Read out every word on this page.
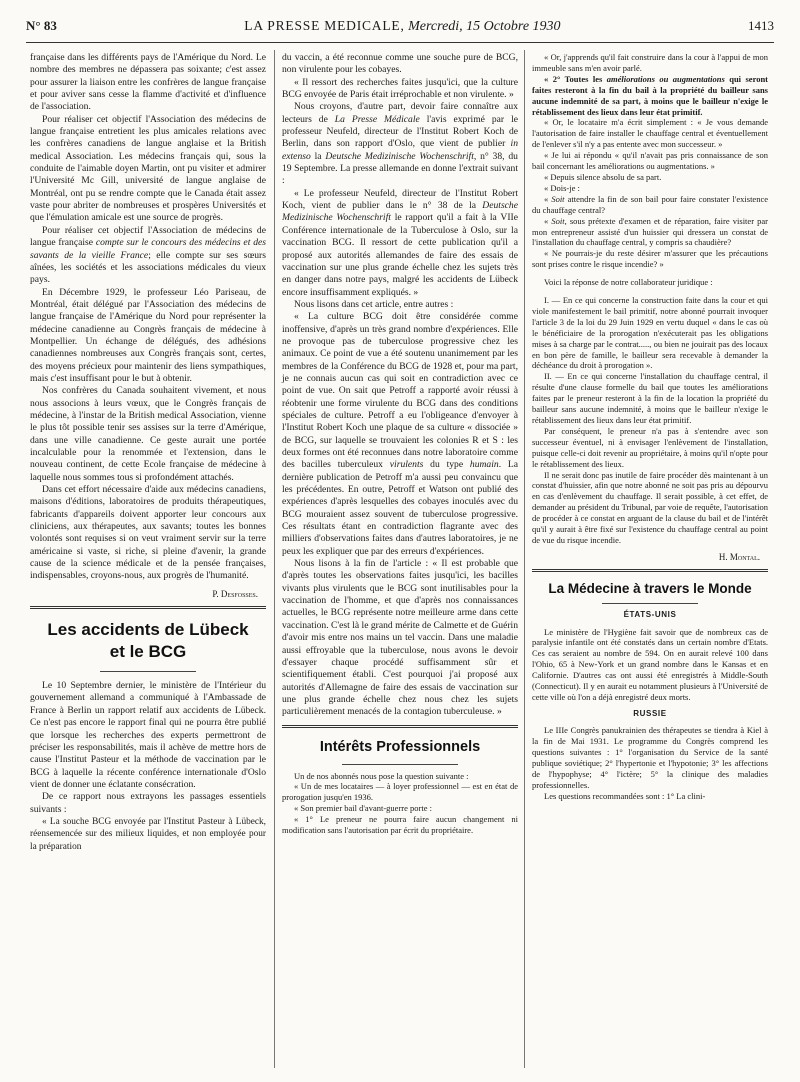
N° 83	LA PRESSE MEDICALE, Mercredi, 15 Octobre 1930	1413

française dans les différents pays de l'Amérique du Nord. Le nombre des membres ne dépassera pas soixante; c'est assez pour assurer la liaison entre les confrères de langue française et pour aviver sans cesse la flamme d'activité et d'influence de l'association.

Pour réaliser cet objectif l'Association des médecins de langue française entretient les plus amicales relations avec les confrères canadiens de langue anglaise et la British medical Association. Les médecins français qui, sous la conduite de l'aimable doyen Martin, ont pu visiter et admirer l'Université Mc Gill, université de langue anglaise de Montréal, ont pu se rendre compte que le Canada était assez vaste pour abriter de nombreuses et prospères Universités et que l'émulation amicale est une source de progrès.

Pour réaliser cet objectif l'Association de médecins de langue française compte sur le concours des médecins et des savants de la vieille France; elle compte sur ses sœurs aînées, les sociétés et les associations médicales du vieux pays.

En Décembre 1929, le professeur Léo Pariseau, de Montréal, était délégué par l'Association des médecins de langue française de l'Amérique du Nord pour représenter la médecine canadienne au Congrès français de médecine à Montpellier. Un échange de délégués, des adhésions canadiennes nombreuses aux Congrès français sont, certes, des moyens précieux pour maintenir des liens sympathiques, mais c'est insuffisant pour le but à obtenir.

Nos confrères du Canada souhaitent vivement, et nous nous associons à leurs vœux, que le Congrès français de médecine, à l'instar de la British medical Association, vienne le plus tôt possible tenir ses assises sur la terre d'Amérique, dans une ville canadienne. Ce geste aurait une portée incalculable pour la renommée et l'extension, dans le nouveau continent, de cette Ecole française de médecine à laquelle nous sommes tous si profondément attachés.

Dans cet effort nécessaire d'aide aux médecins canadiens, maisons d'éditions, laboratoires de produits thérapeutiques, fabricants d'appareils doivent apporter leur concours aux cliniciens, aux thérapeutes, aux savants; toutes les bonnes volontés sont requises si on veut vraiment servir sur la terre américaine si vaste, si riche, si pleine d'avenir, la grande cause de la science médicale et de la pensée françaises, indispensables, croyons-nous, aux progrès de l'humanité.

P. Desfosses.
Les accidents de Lübeck
et le BCG

Le 10 Septembre dernier, le ministère de l'Intérieur du gouvernement allemand a communiqué à l'Ambassade de France à Berlin un rapport relatif aux accidents de Lübeck. Ce n'est pas encore le rapport final qui ne pourra être publié que lorsque les recherches des experts permettront de préciser les responsabilités, mais il achève de mettre hors de cause l'Institut Pasteur et la méthode de vaccination par le BCG à laquelle la récente conférence internationale d'Oslo vient de donner une éclatante consécration.

De ce rapport nous extrayons les passages essentiels suivants :

« La souche BCG envoyée par l'Institut Pasteur à Lübeck, réensemencée sur des milieux liquides, et non employée pour la préparation

du vaccin, a été reconnue comme une souche pure de BCG, non virulente pour les cobayes.

« Il ressort des recherches faites jusqu'ici, que la culture BCG envoyée de Paris était irréprochable et non virulente. »

Nous croyons, d'autre part, devoir faire connaître aux lecteurs de La Presse Médicale l'avis exprimé par le professeur Neufeld, directeur de l'Institut Robert Koch de Berlin, dans son rapport d'Oslo, que vient de publier in extenso la Deutsche Medizinische Wochenschrift, n° 38, du 19 Septembre. La presse allemande en donne l'extrait suivant :

« Le professeur Neufeld, directeur de l'Institut Robert Koch, vient de publier dans le n° 38 de la Deutsche Medizinische Wochenschrift le rapport qu'il a fait à la VIIe Conférence internationale de la Tuberculose à Oslo, sur la vaccination BCG. Il ressort de cette publication qu'il a proposé aux autorités allemandes de faire des essais de vaccination sur une plus grande échelle chez les sujets très en danger dans notre pays, malgré les accidents de Lübeck encore insuffisamment expliqués. »

Nous lisons dans cet article, entre autres :

« La culture BCG doit être considérée comme inoffensive, d'après un très grand nombre d'expériences. Elle ne provoque pas de tuberculose progressive chez les animaux. Ce point de vue a été soutenu unanimement par les membres de la Conférence du BCG de 1928 et, pour ma part, je ne connais aucun cas qui soit en contradiction avec ce point de vue. On sait que Petroff a rapporté avoir réussi à réobtenir une forme virulente du BCG dans des conditions spéciales de culture. Petroff a eu l'obligeance d'envoyer à l'Institut Robert Koch une plaque de sa culture « dissociée » de BCG, sur laquelle se trouvaient les colonies R et S : les deux formes ont été reconnues dans notre laboratoire comme des bacilles tuberculeux virulents du type humain. La dernière publication de Petroff m'a aussi peu convaincu que les précédentes. En outre, Petroff et Watson ont publié des expériences d'après lesquelles des cobayes inoculés avec du BCG mouraient assez souvent de tuberculose progressive. Ces résultats étant en contradiction flagrante avec des milliers d'observations faites dans d'autres laboratoires, je ne peux les expliquer que par des erreurs d'expériences.

Nous lisons à la fin de l'article : « Il est probable que d'après toutes les observations faites jusqu'ici, les bacilles vivants plus virulents que le BCG sont inutilisables pour la vaccination de l'homme, et que d'après nos connaissances actuelles, le BCG représente notre meilleure arme dans cette vaccination. C'est là le grand mérite de Calmette et de Guérin d'avoir mis entre nos mains un tel vaccin. Dans une maladie aussi effroyable que la tuberculose, nous avons le devoir d'essayer chaque procédé suffisamment sûr et scientifiquement établi. C'est pourquoi j'ai proposé aux autorités d'Allemagne de faire des essais de vaccination sur une plus grande échelle chez nous chez les sujets particulièrement menacés de la contagion tuberculeuse. »

Intérêts Professionnels

Un de nos abonnés nous pose la question suivante :

« Un de mes locataires — à loyer professionnel — est en état de prorogation jusqu'en 1936.

« Son premier bail d'avant-guerre porte :

« 1° Le preneur ne pourra faire aucun changement ni modification sans l'autorisation par écrit du propriétaire.

« Or, j'apprends qu'il fait construire dans la cour à l'appui de mon immeuble sans m'en avoir parlé.

« 2° Toutes les améliorations ou augmentations qui seront faites resteront à la fin du bail à la propriété du bailleur sans aucune indemnité de sa part, à moins que le bailleur n'exige le rétablissement des lieux dans leur état primitif.

« Or, le locataire m'a écrit simplement : « Je vous demande l'autorisation de faire installer le chauffage central et éventuellement de l'enlever s'il n'y a pas entente avec mon successeur. »

« Je lui ai répondu « qu'il n'avait pas pris connaissance de son bail concernant les améliorations ou augmentations. »

« Depuis silence absolu de sa part.

« Dois-je :

« Soit attendre la fin de son bail pour faire constater l'existence du chauffage central?

« Soit, sous prétexte d'examen et de réparation, faire visiter par mon entrepreneur assisté d'un huissier qui dressera un constat de l'installation du chauffage central, y compris sa chaudière?

« Ne pourrais-je du reste désirer m'assurer que les précautions sont prises contre le risque incendie? »

Voici la réponse de notre collaborateur juridique :

I. — En ce qui concerne la construction faite dans la cour et qui viole manifestement le bail primitif, notre abonné pourrait invoquer l'article 3 de la loi du 29 Juin 1929 en vertu duquel « dans le cas où le bénéficiaire de la prorogation n'exécuterait pas les obligations mises à sa charge par le contrat....., ou bien ne jouirait pas des locaux en bon père de famille, le bailleur sera recevable à demander la déchéance du droit à prorogation ».

II. — En ce qui concerne l'installation du chauffage central, il résulte d'une clause formelle du bail que toutes les améliorations faites par le preneur resteront à la fin de la location la propriété du bailleur sans aucune indemnité, à moins que le bailleur n'exige le rétablissement des lieux dans leur état primitif.

Par conséquent, le preneur n'a pas à s'entendre avec son successeur éventuel, ni à envisager l'enlèvement de l'installation, puisque celle-ci doit revenir au propriétaire, à moins qu'il n'opte pour le rétablissement des lieux.

Il ne serait donc pas inutile de faire procéder dès maintenant à un constat d'huissier, afin que notre abonné ne soit pas pris au dépourvu en cas d'enlèvement du chauffage. Il serait possible, à cet effet, de demander au président du Tribunal, par voie de requête, l'autorisation de procéder à ce constat en arguant de la clause du bail et de l'intérêt qu'il y aurait à être fixé sur l'existence du chauffage central au point de vue du risque incendie.

H. Montal.
La Médecine à travers le Monde
ÉTATS-UNIS

Le ministère de l'Hygiène fait savoir que de nombreux cas de paralysie infantile ont été constatés dans un certain nombre d'Etats. Ces cas seraient au nombre de 594. On en aurait relevé 100 dans l'Ohio, 65 à New-York et un grand nombre dans le Kansas et en Californie. D'autres cas ont aussi été enregistrés à Middle-South (Connecticut). Il y en aurait eu notamment plusieurs à l'Université de cette ville où l'on a déjà enregistré deux morts.

RUSSIE

Le IIIe Congrès panukrainien des thérapeutes se tiendra à Kiel à la fin de Mai 1931. Le programme du Congrès comprend les questions suivantes : 1° l'organisation du Service de la santé publique soviétique; 2° l'hypertonie et l'hypotonie; 3° les affections de l'hypophyse; 4° l'ictère; 5° la clinique des maladies professionnelles.

Les questions recommandées sont : 1° La clini-
